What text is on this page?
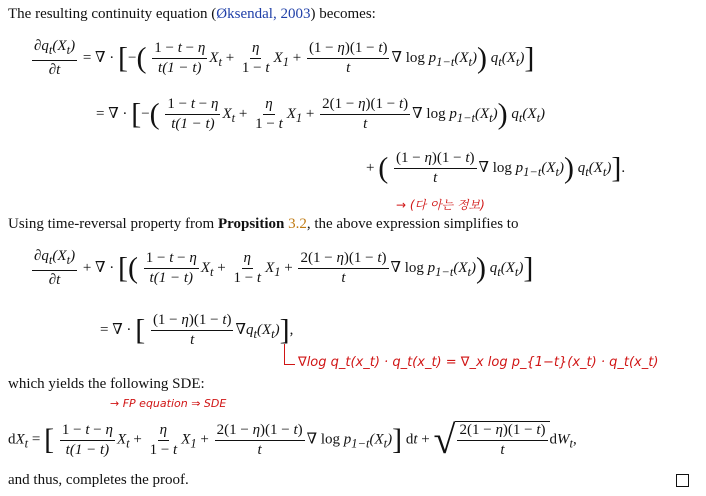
The resulting continuity equation (Øksendal, 2003) becomes:
$\frac{\partial q_t(X_t)}{\partial t}$ = ∇ · [−( $\frac{1 - t - \eta}{t(1 - t)} X_t + \frac{\eta}{1 - t} X_1 + \frac{(1 - \eta)(1 - t)}{t}$ ∇ $\log p_{1-t}(X_t)$) $q_t(X_t)$]
= ∇ · [−( $\frac{1 - t - \eta}{t(1 - t)} X_t + \frac{\eta}{1 - t} X_1 + \frac{2(1 - \eta)(1 - t)}{t}$ ∇ $\log p_{1-t}(X_t)$) $q_t(X_t)$
+ ( $\frac{(1 - \eta)(1 - t)}{t}$ ∇ $\log p_{1-t}(X_t)$) $q_t(X_t)$].
→ (다 아는 정보)
Using time-reversal property from Propsition 3.2, the above expression simplifies to
$\frac{\partial q_t(X_t)}{\partial t}$ + ∇ · [( $\frac{1 - t - \eta}{t(1 - t)} X_t + \frac{\eta}{1 - t} X_1 + \frac{2(1 - \eta)(1 - t)}{t}$ ∇ $\log p_{1-t}(X_t)$) $q_t(X_t)$]
= ∇ · [ $\frac{(1 - \eta)(1 - t)}{t} \nabla q_t(X_t)$],
∇log q_t(x_t) · q_t(x_t) = ∇_x log p_{1−t}(x_t) · q_t(x_t)
which yields the following SDE:
→ FP equation ⇒ SDE
$dX_t$ = [ $\frac{1 - t - \eta}{t(1 - t)} X_t + \frac{\eta}{1 - t} X_1 + \frac{2(1 - \eta)(1 - t)}{t}$ ∇ $\log p_{1-t}(X_t)$] dt + √ $\frac{2(1 - \eta)(1 - t)}{t} dW_t$,
and thus, completes the proof.
